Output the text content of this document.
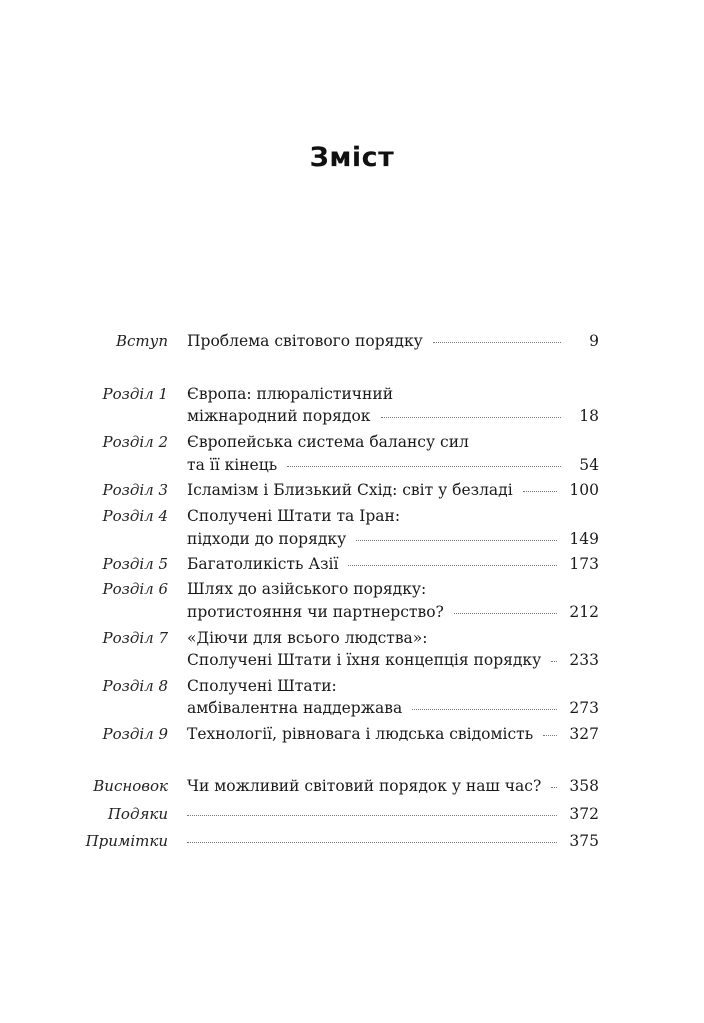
Зміст
Вступ Проблема світового порядку	9
Розділ 1 Європа: плюралістичний
міжнародний порядок	18
Розділ 2 Європейська система балансу сил
та її кінець	54
Розділ 3 Ісламізм і Близький Схід: світ у безладі	100
Розділ 4 Сполучені Штати та Іран:
підходи до порядку	149
Розділ 5 Багатоликість Азії	173
Розділ 6 Шлях до азійського порядку:
протистояння чи партнерство?	212
Розділ 7 «Діючи для всього людства»:
Сполучені Штати і їхня концепція порядку 233
Розділ 8 Сполучені Штати:
амбівалентна наддержава	273
Розділ 9 Технології, рівновага і людська свідомість 327
Висновок Чи можливий світовий порядок у наш час? 358
Подяки	372
Примітки	375
